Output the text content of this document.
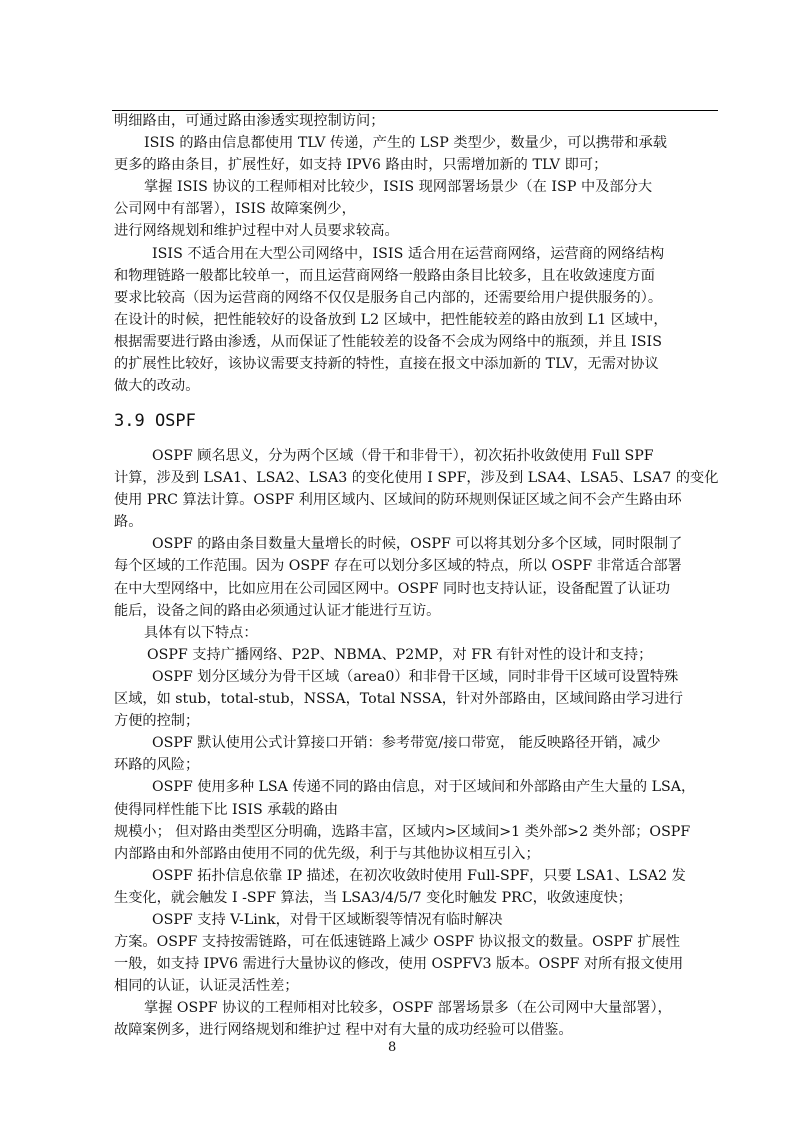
明细路由，可通过路由渗透实现控制访问；

ISIS 的路由信息都使用 TLV 传递，产生的 LSP 类型少，数量少，可以携带和承载

更多的路由条目，扩展性好，如支持 IPV6 路由时，只需增加新的 TLV 即可；

掌握 ISIS 协议的工程师相对比较少，ISIS 现网部署场景少（在 ISP 中及部分大

公司网中有部署），ISIS 故障案例少，

进行网络规划和维护过程中对人员要求较高。

ISIS 不适合用在大型公司网络中，ISIS 适合用在运营商网络，运营商的网络结构

和物理链路一般都比较单一，而且运营商网络一般路由条目比较多，且在收敛速度方面

要求比较高（因为运营商的网络不仅仅是服务自己内部的，还需要给用户提供服务的）。

在设计的时候，把性能较好的设备放到 L2 区域中，把性能较差的路由放到 L1 区域中，

根据需要进行路由渗透，从而保证了性能较差的设备不会成为网络中的瓶颈，并且 ISIS

的扩展性比较好，该协议需要支持新的特性，直接在报文中添加新的 TLV，无需对协议

做大的改动。

3.9 OSPF

OSPF 顾名思义，分为两个区域（骨干和非骨干），初次拓扑收敛使用 Full SPF

计算，涉及到 LSA1、LSA2、LSA3 的变化使用 I SPF，涉及到 LSA4、LSA5、LSA7 的变化

使用 PRC 算法计算。OSPF 利用区域内、区域间的防环规则保证区域之间不会产生路由环

路。

OSPF 的路由条目数量大量增长的时候，OSPF 可以将其划分多个区域，同时限制了

每个区域的工作范围。因为 OSPF 存在可以划分多区域的特点，所以 OSPF 非常适合部署

在中大型网络中，比如应用在公司园区网中。OSPF 同时也支持认证，设备配置了认证功

能后，设备之间的路由必须通过认证才能进行互访。

具体有以下特点：

OSPF 支持广播网络、P2P、NBMA、P2MP，对 FR 有针对性的设计和支持；

OSPF 划分区域分为骨干区域（area0）和非骨干区域，同时非骨干区域可设置特殊

区域，如 stub，total-stub，NSSA，Total NSSA，针对外部路由，区域间路由学习进行

方便的控制；

OSPF 默认使用公式计算接口开销：参考带宽/接口带宽， 能反映路径开销，减少

环路的风险；

OSPF 使用多种 LSA 传递不同的路由信息，对于区域间和外部路由产生大量的 LSA，

使得同样性能下比 ISIS 承载的路由

规模小； 但对路由类型区分明确，选路丰富，区域内>区域间>1 类外部>2 类外部；OSPF

内部路由和外部路由使用不同的优先级，利于与其他协议相互引入；

OSPF 拓扑信息依靠 IP 描述，在初次收敛时使用 Full-SPF，只要 LSA1、LSA2 发

生变化，就会触发 I -SPF 算法，当 LSA3/4/5/7 变化时触发 PRC，收敛速度快；

OSPF 支持 V-Link，对骨干区域断裂等情况有临时解决

方案。OSPF 支持按需链路，可在低速链路上减少 OSPF 协议报文的数量。OSPF 扩展性

一般，如支持 IPV6 需进行大量协议的修改，使用 OSPFV3 版本。OSPF 对所有报文使用

相同的认证，认证灵活性差；

掌握 OSPF 协议的工程师相对比较多，OSPF 部署场景多（在公司网中大量部署），

故障案例多，进行网络规划和维护过 程中对有大量的成功经验可以借鉴。

8
